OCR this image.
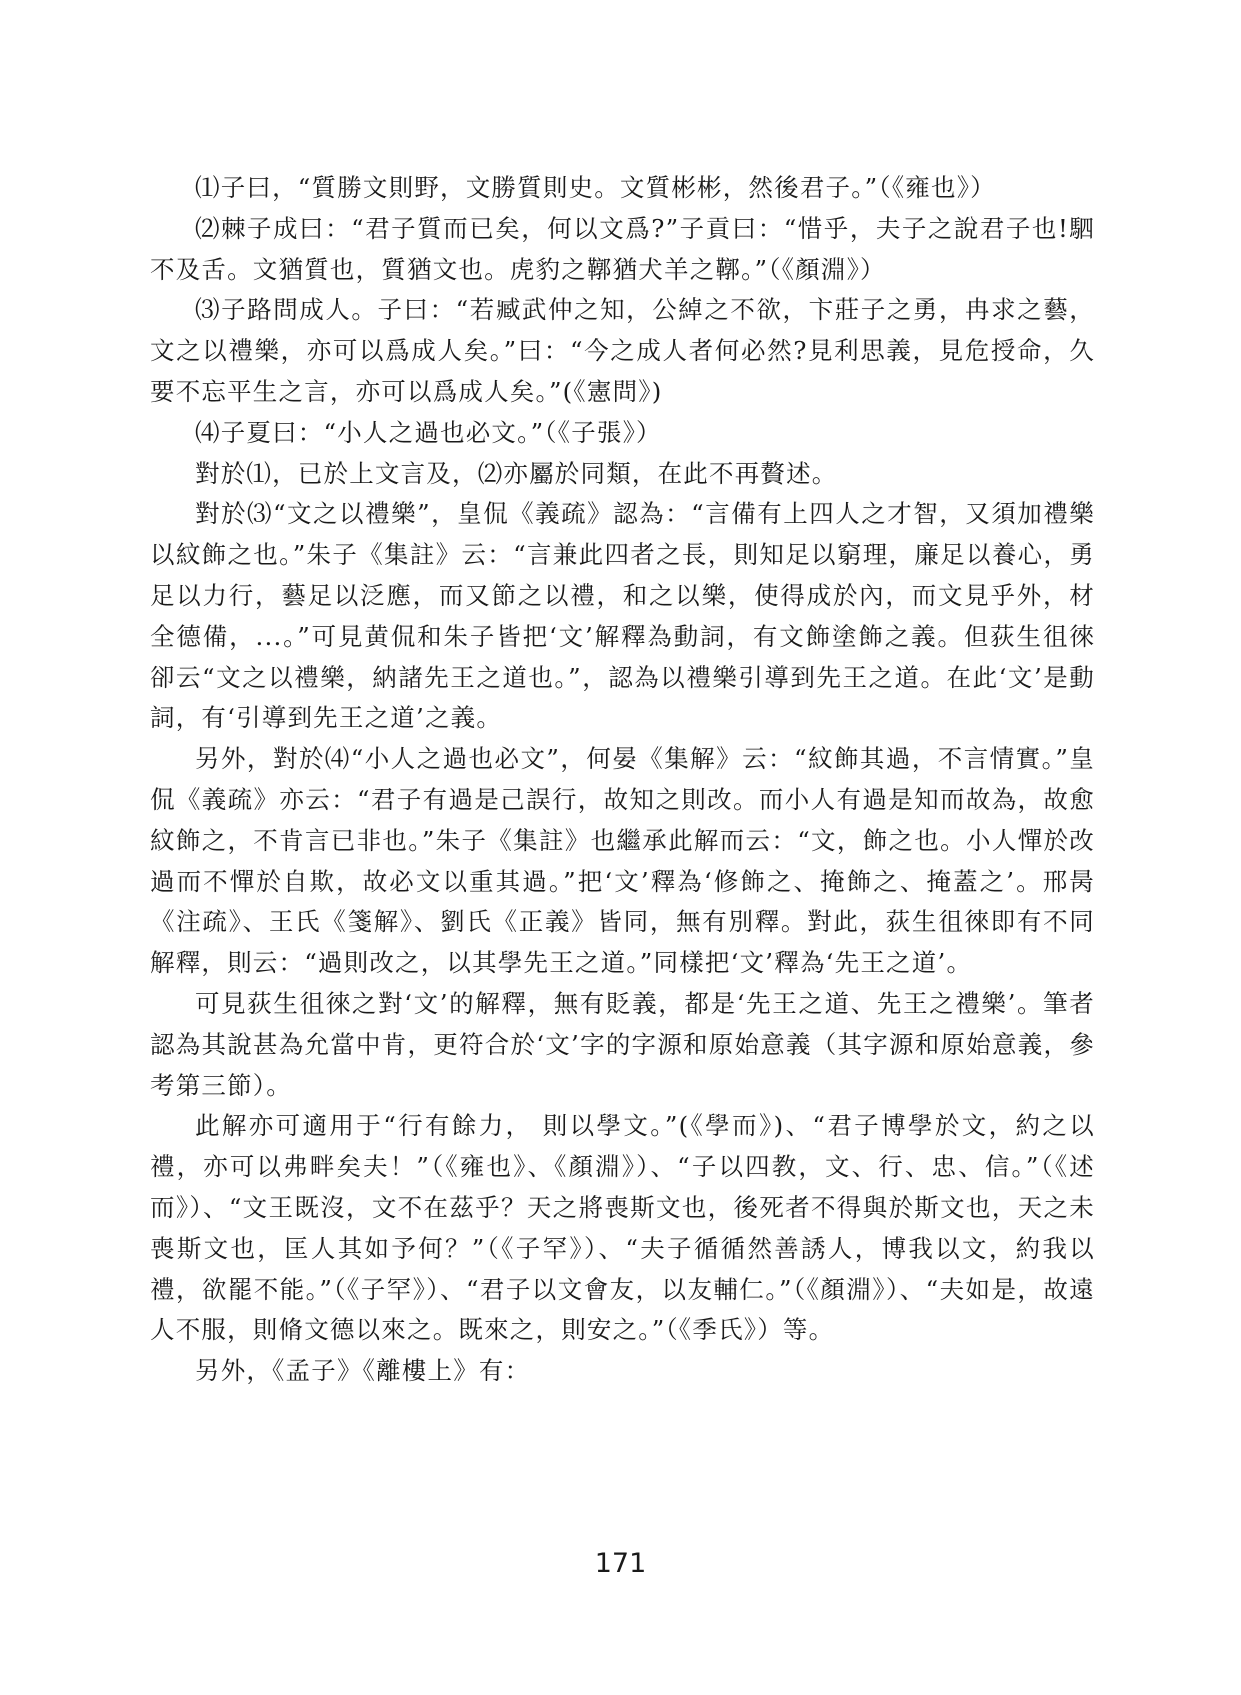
⑴子曰，“質勝文則野，文勝質則史。文質彬彬，然後君子。”（《雍也》）

⑵棘子成曰：“君子質而已矣，何以文爲?”子貢曰：“惜乎，夫子之說君子也!駟不及舌。文猶質也，質猶文也。虎豹之鞹猶犬羊之鞹。”（《顏淵》）

⑶子路問成人。子曰：“若臧武仲之知，公綽之不欲，卞莊子之勇，冉求之藝，文之以禮樂，亦可以爲成人矣。”曰：“今之成人者何必然?見利思義，見危授命，久要不忘平生之言，亦可以爲成人矣。”(《憲問》)

⑷子夏曰：“小人之過也必文。”（《子張》）

對於⑴，已於上文言及，⑵亦屬於同類，在此不再贅述。

對於⑶“文之以禮樂”，皇侃《義疏》認為：“言備有上四人之才智，又須加禮樂以紋飾之也。”朱子《集註》云：“言兼此四者之長，則知足以窮理，廉足以養心，勇足以力行，藝足以泛應，而又節之以禮，和之以樂，使得成於內，而文見乎外，材全德備，...。”可見黄侃和朱子皆把‘文’解釋為動詞，有文飾塗飾之義。但荻生徂徠卻云“文之以禮樂，納諸先王之道也。”，認為以禮樂引導到先王之道。在此‘文’是動詞，有‘引導到先王之道’之義。

另外，對於⑷“小人之過也必文”，何晏《集解》云：“紋飾其過，不言情實。”皇侃《義疏》亦云：“君子有過是己誤行，故知之則改。而小人有過是知而故為，故愈紋飾之，不肯言已非也。”朱子《集註》也繼承此解而云：“文，飾之也。小人憚於改過而不憚於自欺，故必文以重其過。”把‘文’釋為‘修飾之、掩飾之、掩蓋之’。邢昺《注疏》、王氏《箋解》、劉氏《正義》皆同，無有別釋。對此，荻生徂徠即有不同解釋，則云：“過則改之，以其學先王之道。”同樣把‘文’釋為‘先王之道’。

可見荻生徂徠之對‘文’的解釋，無有貶義，都是‘先王之道、先王之禮樂’。筆者認為其說甚為允當中肯，更符合於‘文’字的字源和原始意義（其字源和原始意義，參考第三節）。

此解亦可適用于“行有餘力， 則以學文。”(《學而》)、“君子博學於文，約之以禮，亦可以弗畔矣夫！”（《雍也》、《顏淵》）、“子以四教，文、行、忠、信。”（《述而》）、“文王既沒，文不在茲乎？天之將喪斯文也，後死者不得與於斯文也，天之未喪斯文也，匡人其如予何？”（《子罕》）、“夫子循循然善誘人，博我以文，約我以禮，欲罷不能。”（《子罕》）、“君子以文會友，以友輔仁。”（《顏淵》）、“夫如是，故遠人不服，則脩文德以來之。既來之，則安之。”（《季氏》）等。

另外，《孟子》《離樓上》有：

171
